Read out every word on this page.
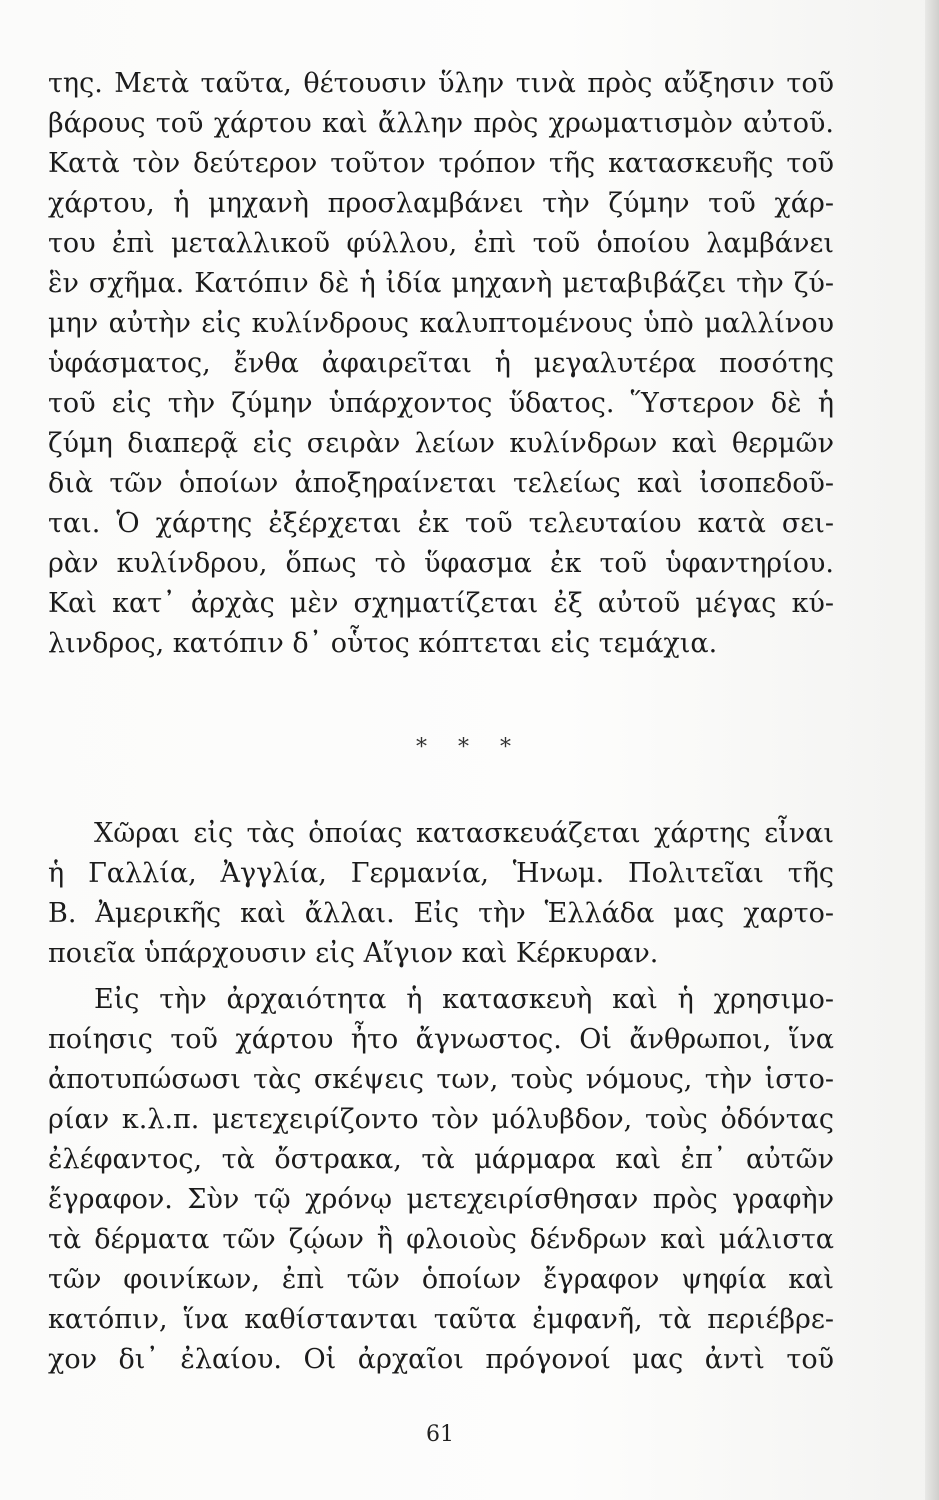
της. Μετὰ ταῦτα, θέτουσιν ὕλην τινὰ πρὸς αὔξησιν τοῦ
βάρους τοῦ χάρτου καὶ ἄλλην πρὸς χρωματισμὸν αὐτοῦ.
Κατὰ τὸν δεύτερον τοῦτον τρόπον τῆς κατασκευῆς τοῦ
χάρτου, ἡ μηχανὴ προσλαμβάνει τὴν ζύμην τοῦ χάρ-
του ἐπὶ μεταλλικοῦ φύλλου, ἐπὶ τοῦ ὁποίου λαμβάνει
ἓν σχῆμα. Κατόπιν δὲ ἡ ἰδία μηχανὴ μεταβιβάζει τὴν ζύ-
μην αὐτὴν εἰς κυλίνδρους καλυπτομένους ὑπὸ μαλλίνου
ὑφάσματος, ἔνθα ἀφαιρεῖται ἡ μεγαλυτέρα ποσότης
τοῦ εἰς τὴν ζύμην ὑπάρχοντος ὕδατος. Ὕστερον δὲ ἡ
ζύμη διαπερᾷ εἰς σειρὰν λείων κυλίνδρων καὶ θερμῶν
διὰ τῶν ὁποίων ἀποξηραίνεται τελείως καὶ ἰσοπεδοῦ-
ται. Ὁ χάρτης ἐξέρχεται ἐκ τοῦ τελευταίου κατὰ σει-
ρὰν κυλίνδρου, ὅπως τὸ ὕφασμα ἐκ τοῦ ὑφαντηρίου.
Καὶ κατ᾽ ἀρχὰς μὲν σχηματίζεται ἐξ αὐτοῦ μέγας κύ-
λινδρος, κατόπιν δ᾽ οὗτος κόπτεται εἰς τεμάχια.
* * *
Χῶραι εἰς τὰς ὁποίας κατασκευάζεται χάρτης εἶναι
ἡ Γαλλία, Ἀγγλία, Γερμανία, Ἡνωμ. Πολιτεῖαι τῆς
Β. Ἀμερικῆς καὶ ἄλλαι. Εἰς τὴν Ἑλλάδα μας χαρτο-
ποιεῖα ὑπάρχουσιν εἰς Αἴγιον καὶ Κέρκυραν.
Εἰς τὴν ἀρχαιότητα ἡ κατασκευὴ καὶ ἡ χρησιμο-
ποίησις τοῦ χάρτου ἦτο ἄγνωστος. Οἱ ἄνθρωποι, ἵνα
ἀποτυπώσωσι τὰς σκέψεις των, τοὺς νόμους, τὴν ἱστο-
ρίαν κ.λ.π. μετεχειρίζοντο τὸν μόλυβδον, τοὺς ὀδόντας
ἐλέφαντος, τὰ ὄστρακα, τὰ μάρμαρα καὶ ἐπ᾽ αὐτῶν
ἔγραφον. Σὺν τῷ χρόνῳ μετεχειρίσθησαν πρὸς γραφὴν
τὰ δέρματα τῶν ζῴων ἢ φλοιοὺς δένδρων καὶ μάλιστα
τῶν φοινίκων, ἐπὶ τῶν ὁποίων ἔγραφον ψηφία καὶ
κατόπιν, ἵνα καθίστανται ταῦτα ἐμφανῆ, τὰ περιέβρε-
χον δι᾽ ἐλαίου. Οἱ ἀρχαῖοι πρόγονοί μας ἀντὶ τοῦ
61
